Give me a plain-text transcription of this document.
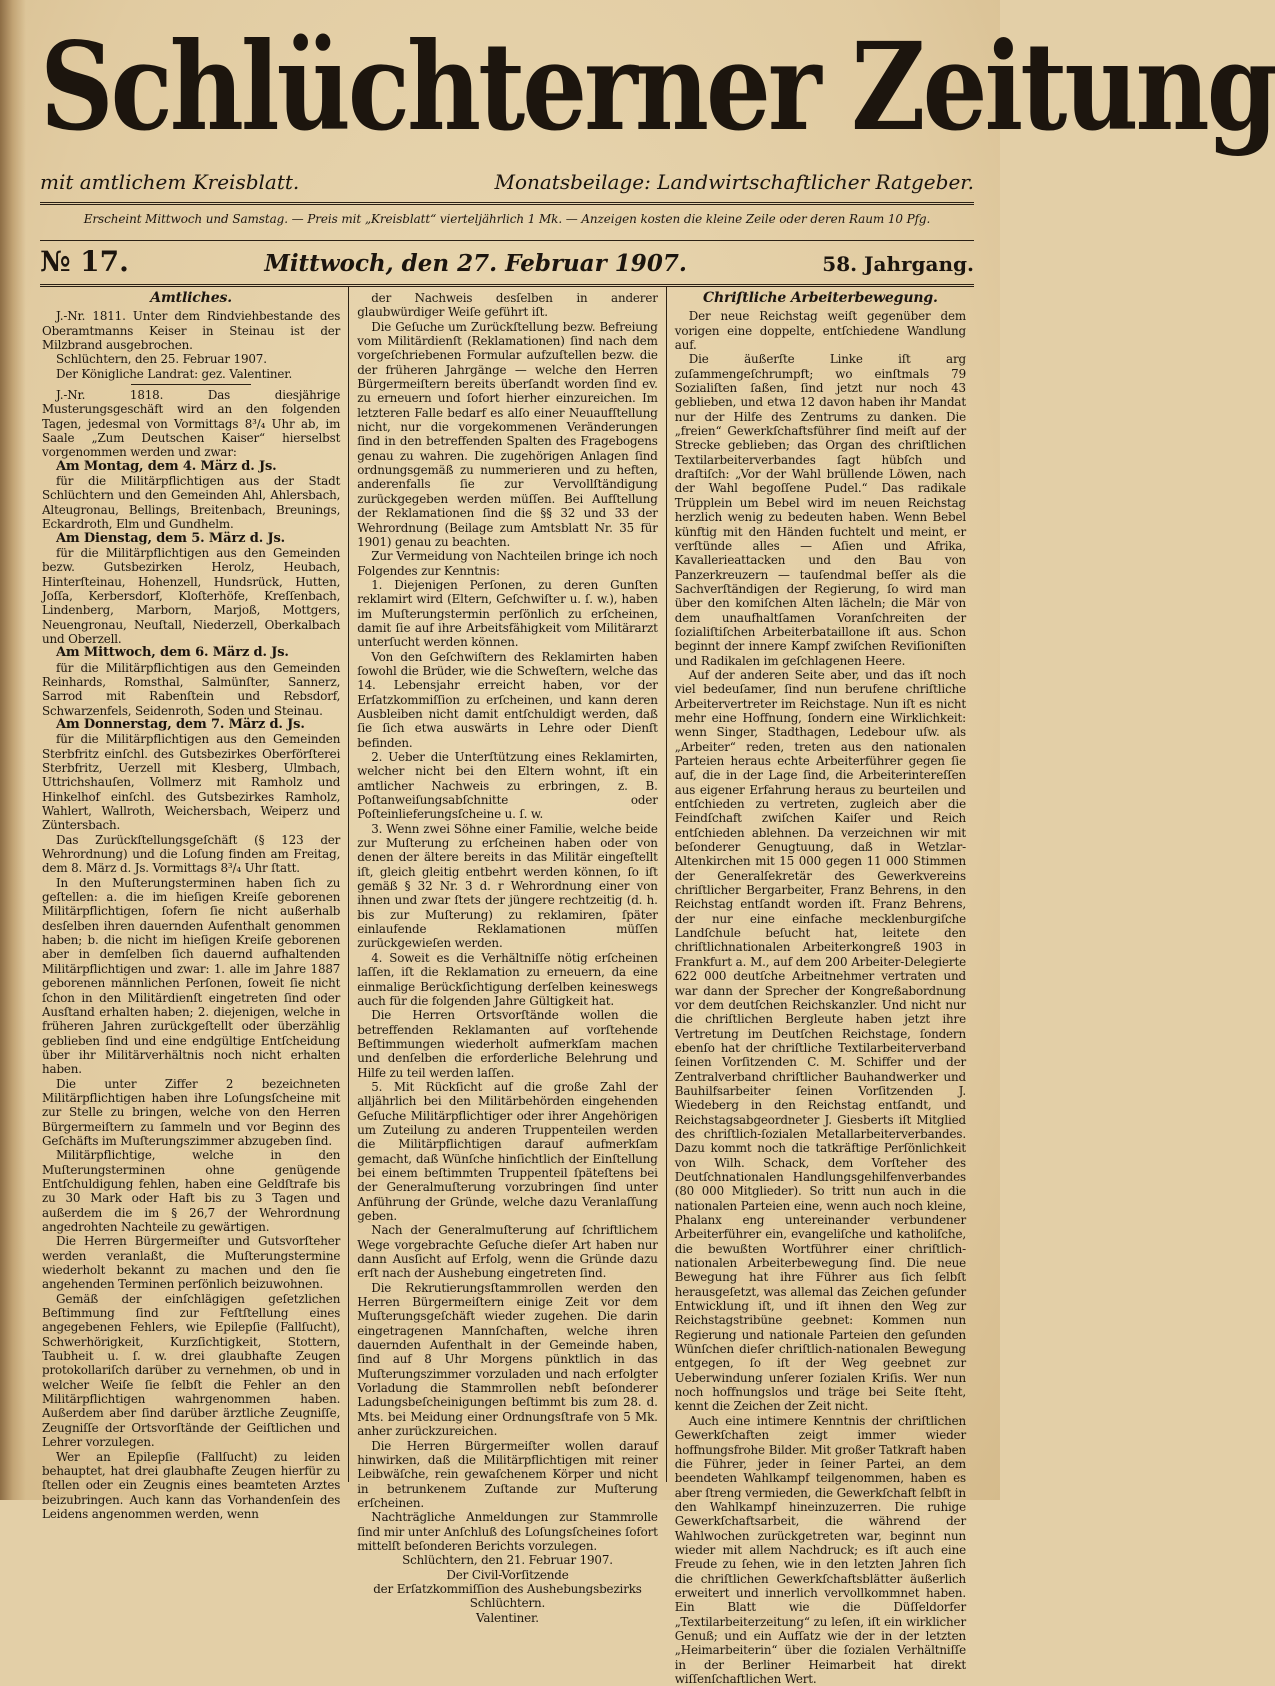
Schlüchterner Zeitung
mit amtlichem Kreisblatt.	Monatsbeilage: Landwirtschaftlicher Ratgeber.
Erscheint Mittwoch und Samstag. — Preis mit „Kreisblatt“ vierteljährlich 1 Mk. — Anzeigen kosten die kleine Zeile oder deren Raum 10 Pfg.
№ 17.	Mittwoch, den 27. Februar 1907.	58. Jahrgang.
Amtliches.

J.-Nr. 1811. Unter dem Rindviehbestande des Oberamtmanns Keiser in Steinau ist der Milzbrand ausgebrochen.

Schlüchtern, den 25. Februar 1907.

Der Königliche Landrat: gez. Valentiner.

J.-Nr. 1818. Das diesjährige Musterungsgeschäft wird an den folgenden Tagen, jedesmal von Vormittags 8³/₄ Uhr ab, im Saale „Zum Deutschen Kaiser“ hierselbst vorgenommen werden und zwar:

Am Montag, dem 4. März d. Js.

für die Militärpflichtigen aus der Stadt Schlüchtern und den Gemeinden Ahl, Ahlersbach, Alteugronau, Bellings, Breitenbach, Breunings, Eckardroth, Elm und Gundhelm.

Am Dienstag, dem 5. März d. Js.

für die Militärpflichtigen aus den Gemeinden bezw. Gutsbezirken Herolz, Heubach, Hinterſteinau, Hohenzell, Hundsrück, Hutten, Joſſa, Kerbersdorf, Kloſterhöfe, Kreſſenbach, Lindenberg, Marborn, Marjoß, Mottgers, Neuengronau, Neuſtall, Niederzell, Oberkalbach und Oberzell.

Am Mittwoch, dem 6. März d. Js.

für die Militärpflichtigen aus den Gemeinden Reinhards, Romsthal, Salmünſter, Sannerz, Sarrod mit Rabenſtein und Rebsdorf, Schwarzenfels, Seidenroth, Soden und Steinau.

Am Donnerstag, dem 7. März d. Js.

für die Militärpflichtigen aus den Gemeinden Sterbfritz einſchl. des Gutsbezirkes Oberförſterei Sterbfritz, Uerzell mit Klesberg, Ulmbach, Uttrichshauſen, Vollmerz mit Ramholz und Hinkelhof einſchl. des Gutsbezirkes Ramholz, Wahlert, Wallroth, Weichersbach, Weiperz und Züntersbach.

Das Zurückſtellungsgeſchäft (§ 123 der Wehrordnung) und die Loſung finden am Freitag, dem 8. März d. Js. Vormittags 8³/₄ Uhr ſtatt.

In den Muſterungsterminen haben ſich zu geſtellen: a. die im hieſigen Kreiſe geborenen Militärpflichtigen, ſofern ſie nicht außerhalb desſelben ihren dauernden Aufenthalt genommen haben; b. die nicht im hieſigen Kreiſe geborenen aber in demſelben ſich dauernd aufhaltenden Militärpflichtigen und zwar: 1. alle im Jahre 1887 geborenen männlichen Perſonen, ſoweit ſie nicht ſchon in den Militärdienſt eingetreten ſind oder Ausſtand erhalten haben; 2. diejenigen, welche in früheren Jahren zurückgeſtellt oder überzählig geblieben ſind und eine endgültige Entſcheidung über ihr Militärverhältnis noch nicht erhalten haben.

Die unter Ziffer 2 bezeichneten Militärpflichtigen haben ihre Loſungsſcheine mit zur Stelle zu bringen, welche von den Herren Bürgermeiſtern zu ſammeln und vor Beginn des Geſchäfts im Muſterungszimmer abzugeben ſind.

Militärpflichtige, welche in den Muſterungsterminen ohne genügende Entſchuldigung fehlen, haben eine Geldſtrafe bis zu 30 Mark oder Haft bis zu 3 Tagen und außerdem die im § 26,7 der Wehrordnung angedrohten Nachteile zu gewärtigen.

Die Herren Bürgermeiſter und Gutsvorſteher werden veranlaßt, die Muſterungstermine wiederholt bekannt zu machen und den ſie angehenden Terminen perſönlich beizuwohnen.

Gemäß der einſchlägigen geſetzlichen Beſtimmung ſind zur Feſtſtellung eines angegebenen Fehlers, wie Epilepſie (Fallſucht), Schwerhörigkeit, Kurzſichtigkeit, Stottern, Taubheit u. ſ. w. drei glaubhafte Zeugen protokollariſch darüber zu vernehmen, ob und in welcher Weiſe ſie ſelbſt die Fehler an den Militärpflichtigen wahrgenommen haben. Außerdem aber ſind darüber ärztliche Zeugniſſe, Zeugniſſe der Ortsvorſtände der Geiſtlichen und Lehrer vorzulegen.

Wer an Epilepſie (Fallſucht) zu leiden behauptet, hat drei glaubhafte Zeugen hierfür zu ſtellen oder ein Zeugnis eines beamteten Arztes beizubringen. Auch kann das Vorhandenſein des Leidens angenommen werden, wenn

der Nachweis desſelben in anderer glaubwürdiger Weiſe geführt iſt.

Die Geſuche um Zurückſtellung bezw. Befreiung vom Militärdienſt (Reklamationen) ſind nach dem vorgeſchriebenen Formular aufzuſtellen bezw. die der früheren Jahrgänge — welche den Herren Bürgermeiſtern bereits überſandt worden ſind ev. zu erneuern und ſofort hierher einzureichen. Im letzteren Falle bedarf es alſo einer Neuaufſtellung nicht, nur die vorgekommenen Veränderungen ſind in den betreffenden Spalten des Fragebogens genau zu wahren. Die zugehörigen Anlagen ſind ordnungsgemäß zu nummerieren und zu heften, anderenfalls ſie zur Vervollſtändigung zurückgegeben werden müſſen. Bei Aufſtellung der Reklamationen ſind die §§ 32 und 33 der Wehrordnung (Beilage zum Amtsblatt Nr. 35 für 1901) genau zu beachten.

Zur Vermeidung von Nachteilen bringe ich noch Folgendes zur Kenntnis:

1. Diejenigen Perſonen, zu deren Gunſten reklamirt wird (Eltern, Geſchwiſter u. ſ. w.), haben im Muſterungstermin perſönlich zu erſcheinen, damit ſie auf ihre Arbeitsfähigkeit vom Militärarzt unterſucht werden können.

Von den Geſchwiſtern des Reklamirten haben ſowohl die Brüder, wie die Schweſtern, welche das 14. Lebensjahr erreicht haben, vor der Erſatzkommiſſion zu erſcheinen, und kann deren Ausbleiben nicht damit entſchuldigt werden, daß ſie ſich etwa auswärts in Lehre oder Dienſt befinden.

2. Ueber die Unterſtützung eines Reklamirten, welcher nicht bei den Eltern wohnt, iſt ein amtlicher Nachweis zu erbringen, z. B. Poſtanweiſungsabſchnitte oder Poſteinlieferungsſcheine u. ſ. w.

3. Wenn zwei Söhne einer Familie, welche beide zur Muſterung zu erſcheinen haben oder von denen der ältere bereits in das Militär eingeſtellt iſt, gleich gleitig entbehrt werden können, ſo iſt gemäß § 32 Nr. 3 d. r Wehrordnung einer von ihnen und zwar ſtets der jüngere rechtzeitig (d. h. bis zur Muſterung) zu reklamiren, ſpäter einlaufende Reklamationen müſſen zurückgewieſen werden.

4. Soweit es die Verhältniſſe nötig erſcheinen laſſen, iſt die Reklamation zu erneuern, da eine einmalige Berückſichtigung derſelben keineswegs auch für die folgenden Jahre Gültigkeit hat.

Die Herren Ortsvorſtände wollen die betreffenden Reklamanten auf vorſtehende Beſtimmungen wiederholt aufmerkſam machen und denſelben die erforderliche Belehrung und Hilfe zu teil werden laſſen.

5. Mit Rückſicht auf die große Zahl der alljährlich bei den Militärbehörden eingehenden Geſuche Militärpflichtiger oder ihrer Angehörigen um Zuteilung zu anderen Truppenteilen werden die Militärpflichtigen darauf aufmerkſam gemacht, daß Wünſche hinſichtlich der Einſtellung bei einem beſtimmten Truppenteil ſpäteſtens bei der Generalmuſterung vorzubringen ſind unter Anführung der Gründe, welche dazu Veranlaſſung geben.

Nach der Generalmuſterung auf ſchriftlichem Wege vorgebrachte Geſuche dieſer Art haben nur dann Ausſicht auf Erfolg, wenn die Gründe dazu erſt nach der Aushebung eingetreten ſind.

Die Rekrutierungsſtammrollen werden den Herren Bürgermeiſtern einige Zeit vor dem Muſterungsgeſchäft wieder zugehen. Die darin eingetragenen Mannſchaften, welche ihren dauernden Aufenthalt in der Gemeinde haben, ſind auf 8 Uhr Morgens pünktlich in das Muſterungszimmer vorzuladen und nach erfolgter Vorladung die Stammrollen nebſt beſonderer Ladungsbeſcheinigungen beſtimmt bis zum 28. d. Mts. bei Meidung einer Ordnungsſtrafe von 5 Mk. anher zurückzureichen.

Die Herren Bürgermeiſter wollen darauf hinwirken, daß die Militärpflichtigen mit reiner Leibwäſche, rein gewaſchenem Körper und nicht in betrunkenem Zuſtande zur Muſterung erſcheinen.

Nachträgliche Anmeldungen zur Stammrolle ſind mir unter Anſchluß des Loſungsſcheines ſofort mittelſt beſonderen Berichts vorzulegen.

Schlüchtern, den 21. Februar 1907.

Der Civil-Vorſitzende

der Erſatzkommiſſion des Aushebungsbezirks Schlüchtern.

Valentiner.

Chriſtliche Arbeiterbewegung.

Der neue Reichstag weiſt gegenüber dem vorigen eine doppelte, entſchiedene Wandlung auf.

Die äußerſte Linke iſt arg zuſammengeſchrumpft; wo einſtmals 79 Sozialiſten ſaßen, ſind jetzt nur noch 43 geblieben, und etwa 12 davon haben ihr Mandat nur der Hilfe des Zentrums zu danken. Die „freien“ Gewerkſchaftsführer ſind meiſt auf der Strecke geblieben; das Organ des chriſtlichen Textilarbeiterverbandes ſagt hübſch und draſtiſch: „Vor der Wahl brüllende Löwen, nach der Wahl begoſſene Pudel.“ Das radikale Trüpplein um Bebel wird im neuen Reichstag herzlich wenig zu bedeuten haben. Wenn Bebel künftig mit den Händen fuchtelt und meint, er verſtünde alles — Aſien und Afrika, Kavallerieattacken und den Bau von Panzerkreuzern — tauſendmal beſſer als die Sachverſtändigen der Regierung, ſo wird man über den komiſchen Alten lächeln; die Mär von dem unaufhaltſamen Voranſchreiten der ſozialiſtiſchen Arbeiterbataillone iſt aus. Schon beginnt der innere Kampf zwiſchen Reviſioniſten und Radikalen im geſchlagenen Heere.

Auf der anderen Seite aber, und das iſt noch viel bedeuſamer, ſind nun berufene chriſtliche Arbeitervertreter im Reichstage. Nun iſt es nicht mehr eine Hoffnung, ſondern eine Wirklichkeit: wenn Singer, Stadthagen, Ledebour uſw. als „Arbeiter“ reden, treten aus den nationalen Parteien heraus echte Arbeiterführer gegen ſie auf, die in der Lage ſind, die Arbeiterintereſſen aus eigener Erfahrung heraus zu beurteilen und entſchieden zu vertreten, zugleich aber die Feindſchaft zwiſchen Kaiſer und Reich entſchieden ablehnen. Da verzeichnen wir mit beſonderer Genugtuung, daß in Wetzlar-Altenkirchen mit 15 000 gegen 11 000 Stimmen der Generalſekretär des Gewerkvereins chriſtlicher Bergarbeiter, Franz Behrens, in den Reichstag entſandt worden iſt. Franz Behrens, der nur eine einfache mecklenburgiſche Landſchule beſucht hat, leitete den chriſtlichnationalen Arbeiterkongreß 1903 in Frankfurt a. M., auf dem 200 Arbeiter-Delegierte 622 000 deutſche Arbeitnehmer vertraten und war dann der Sprecher der Kongreßabordnung vor dem deutſchen Reichskanzler. Und nicht nur die chriſtlichen Bergleute haben jetzt ihre Vertretung im Deutſchen Reichstage, ſondern ebenſo hat der chriſtliche Textilarbeiterverband ſeinen Vorſitzenden C. M. Schiffer und der Zentralverband chriſtlicher Bauhandwerker und Bauhilfsarbeiter ſeinen Vorſitzenden J. Wiedeberg in den Reichstag entſandt, und Reichstagsabgeordneter J. Giesberts iſt Mitglied des chriſtlich-ſozialen Metallarbeiterverbandes. Dazu kommt noch die tatkräftige Perſönlichkeit von Wilh. Schack, dem Vorſteher des Deutſchnationalen Handlungsgehilfenverbandes (80 000 Mitglieder). So tritt nun auch in die nationalen Parteien eine, wenn auch noch kleine, Phalanx eng untereinander verbundener Arbeiterführer ein, evangeliſche und katholiſche, die bewußten Wortführer einer chriſtlich-nationalen Arbeiterbewegung ſind. Die neue Bewegung hat ihre Führer aus ſich ſelbſt herausgeſetzt, was allemal das Zeichen geſunder Entwicklung iſt, und iſt ihnen den Weg zur Reichstagstribüne geebnet: Kommen nun Regierung und nationale Parteien den geſunden Wünſchen dieſer chriſtlich-nationalen Bewegung entgegen, ſo iſt der Weg geebnet zur Ueberwindung unſerer ſozialen Kriſis. Wer nun noch hoffnungslos und träge bei Seite ſteht, kennt die Zeichen der Zeit nicht.

Auch eine intimere Kenntnis der chriſtlichen Gewerkſchaften zeigt immer wieder hoffnungsfrohe Bilder. Mit großer Tatkraft haben die Führer, jeder in ſeiner Partei, an dem beendeten Wahlkampf teilgenommen, haben es aber ſtreng vermieden, die Gewerkſchaft ſelbſt in den Wahlkampf hineinzuzerren. Die ruhige Gewerkſchaftsarbeit, die während der Wahlwochen zurückgetreten war, beginnt nun wieder mit allem Nachdruck; es iſt auch eine Freude zu ſehen, wie in den letzten Jahren ſich die chriſtlichen Gewerkſchaftsblätter äußerlich erweitert und innerlich vervollkommnet haben. Ein Blatt wie die Düſſeldorfer „Textilarbeiterzeitung“ zu leſen, iſt ein wirklicher Genuß; und ein Aufſatz wie der in der letzten „Heimarbeiterin“ über die ſozialen Verhältniſſe in der Berliner Heimarbeit hat direkt wiſſenſchaftlichen Wert.
